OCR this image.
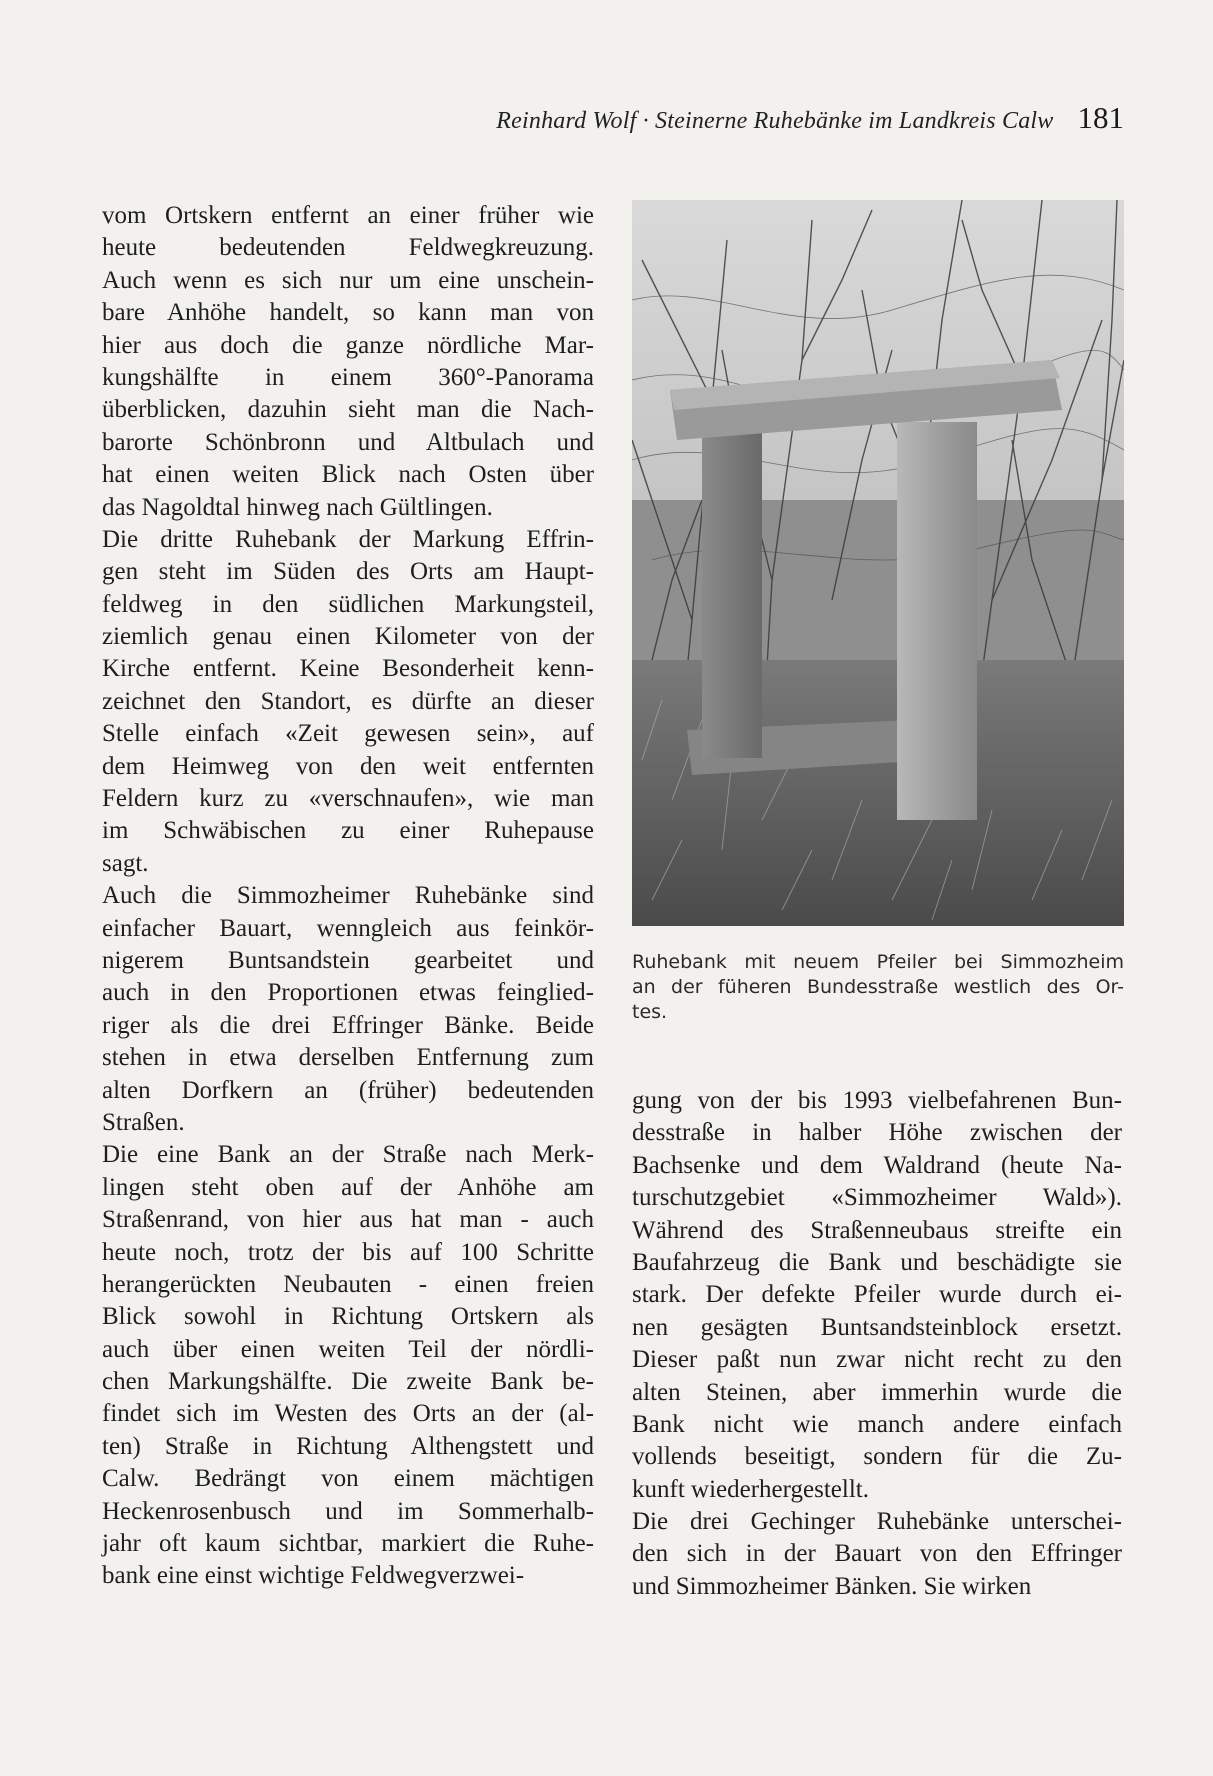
Reinhard Wolf · Steinerne Ruhebänke im Landkreis Calw 181
vom Ortskern entfernt an einer früher wie
heute bedeutenden Feldwegkreuzung.
Auch wenn es sich nur um eine unschein-
bare Anhöhe handelt, so kann man von
hier aus doch die ganze nördliche Mar-
kungshälfte in einem 360°-Panorama
überblicken, dazuhin sieht man die Nach-
barorte Schönbronn und Altbulach und
hat einen weiten Blick nach Osten über
das Nagoldtal hinweg nach Gültlingen.
Die dritte Ruhebank der Markung Effrin-
gen steht im Süden des Orts am Haupt-
feldweg in den südlichen Markungsteil,
ziemlich genau einen Kilometer von der
Kirche entfernt. Keine Besonderheit kenn-
zeichnet den Standort, es dürfte an dieser
Stelle einfach «Zeit gewesen sein», auf
dem Heimweg von den weit entfernten
Feldern kurz zu «verschnaufen», wie man
im Schwäbischen zu einer Ruhepause
sagt.
Auch die Simmozheimer Ruhebänke sind
einfacher Bauart, wenngleich aus feinkör-
nigerem Buntsandstein gearbeitet und
auch in den Proportionen etwas feinglied-
riger als die drei Effringer Bänke. Beide
stehen in etwa derselben Entfernung zum
alten Dorfkern an (früher) bedeutenden
Straßen.
Die eine Bank an der Straße nach Merk-
lingen steht oben auf der Anhöhe am
Straßenrand, von hier aus hat man - auch
heute noch, trotz der bis auf 100 Schritte
herangerückten Neubauten - einen freien
Blick sowohl in Richtung Ortskern als
auch über einen weiten Teil der nördli-
chen Markungshälfte. Die zweite Bank be-
findet sich im Westen des Orts an der (al-
ten) Straße in Richtung Althengstett und
Calw. Bedrängt von einem mächtigen
Heckenrosenbusch und im Sommerhalb-
jahr oft kaum sichtbar, markiert die Ruhe-
bank eine einst wichtige Feldwegverzwei-
Ruhebank mit neuem Pfeiler bei Simmozheim
an der füheren Bundesstraße westlich des Or-
tes.
gung von der bis 1993 vielbefahrenen Bun-
desstraße in halber Höhe zwischen der
Bachsenke und dem Waldrand (heute Na-
turschutzgebiet «Simmozheimer Wald»).
Während des Straßenneubaus streifte ein
Baufahrzeug die Bank und beschädigte sie
stark. Der defekte Pfeiler wurde durch ei-
nen gesägten Buntsandsteinblock ersetzt.
Dieser paßt nun zwar nicht recht zu den
alten Steinen, aber immerhin wurde die
Bank nicht wie manch andere einfach
vollends beseitigt, sondern für die Zu-
kunft wiederhergestellt.
Die drei Gechinger Ruhebänke unterschei-
den sich in der Bauart von den Effringer
und Simmozheimer Bänken. Sie wirken
